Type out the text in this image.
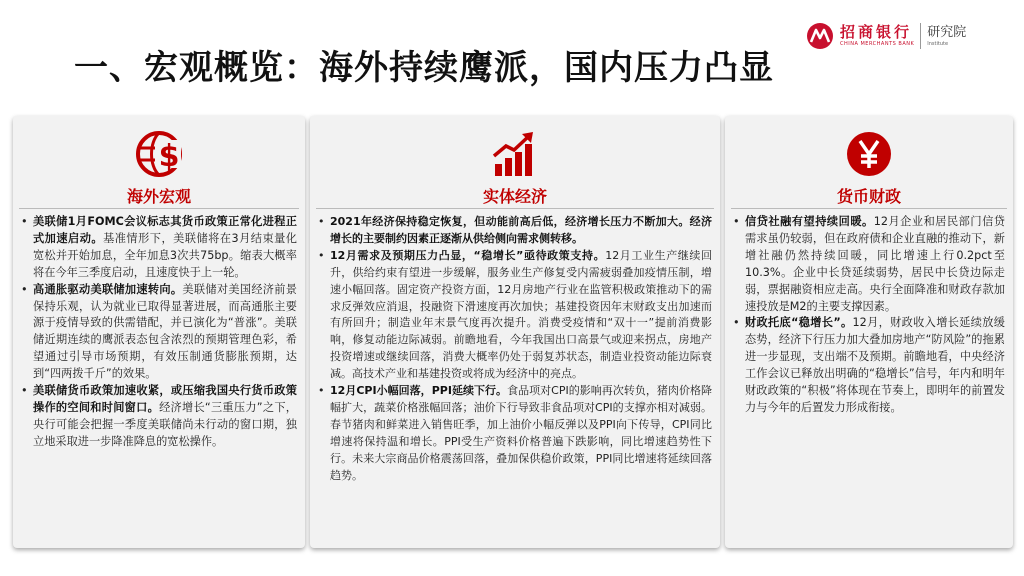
一、宏观概览：海外持续鹰派，国内压力凸显
招商银行
CHINA MERCHANTS BANK
研究院
Institute
$
海外宏观
• 美联储1月FOMC会议标志其货币政策正常化进程正式加速启动。基准情形下，美联储将在3月结束量化宽松并开始加息，全年加息3次共75bp。缩表大概率将在今年三季度启动，且速度快于上一轮。
• 高通胀驱动美联储加速转向。美联储对美国经济前景保持乐观，认为就业已取得显著进展，而高通胀主要源于疫情导致的供需错配，并已演化为“普涨”。美联储近期连续的鹰派表态包含浓烈的预期管理色彩，希望通过引导市场预期，有效压制通货膨胀预期，达到“四两拨千斤”的效果。
• 美联储货币政策加速收紧，或压缩我国央行货币政策操作的空间和时间窗口。经济增长“三重压力”之下，央行可能会把握一季度美联储尚未行动的窗口期，独立地采取进一步降准降息的宽松操作。
实体经济
• 2021年经济保持稳定恢复，但动能前高后低，经济增长压力不断加大。经济增长的主要制约因素正逐渐从供给侧向需求侧转移。
• 12月需求及预期压力凸显，“稳增长”亟待政策支持。12月工业生产继续回升，供给约束有望进一步缓解，服务业生产修复受内需疲弱叠加疫情压制，增速小幅回落。固定资产投资方面，12月房地产行业在监管积极政策推动下的需求反弹效应消退，投融资下滑速度再次加快；基建投资因年末财政支出加速而有所回升；制造业年末景气度再次提升。消费受疫情和“双十一”提前消费影响，修复动能边际减弱。前瞻地看，今年我国出口高景气或迎来拐点，房地产投资增速或继续回落，消费大概率仍处于弱复苏状态，制造业投资动能边际衰减。高技术产业和基建投资或将成为经济中的亮点。
• 12月CPI小幅回落，PPI延续下行。食品项对CPI的影响再次转负，猪肉价格降幅扩大，蔬菜价格涨幅回落；油价下行导致非食品项对CPI的支撑亦相对减弱。春节猪肉和鲜菜进入销售旺季，加上油价小幅反弹以及PPI向下传导，CPI同比增速将保持温和增长。PPI受生产资料价格普遍下跌影响，同比增速趋势性下行。未来大宗商品价格震荡回落，叠加保供稳价政策，PPI同比增速将延续回落趋势。
货币财政
• 信贷社融有望持续回暖。12月企业和居民部门信贷需求虽仍较弱，但在政府债和企业直融的推动下，新增社融仍然持续回暖，同比增速上行0.2pct至10.3%。企业中长贷延续弱势，居民中长贷边际走弱，票据融资相应走高。央行全面降准和财政存款加速投放是M2的主要支撑因素。
• 财政托底“稳增长”。12月，财政收入增长延续放缓态势，经济下行压力加大叠加房地产“防风险”的拖累进一步显现，支出端不及预期。前瞻地看，中央经济工作会议已释放出明确的“稳增长”信号，年内和明年财政政策的“积极”将体现在节奏上，即明年的前置发力与今年的后置发力形成衔接。
